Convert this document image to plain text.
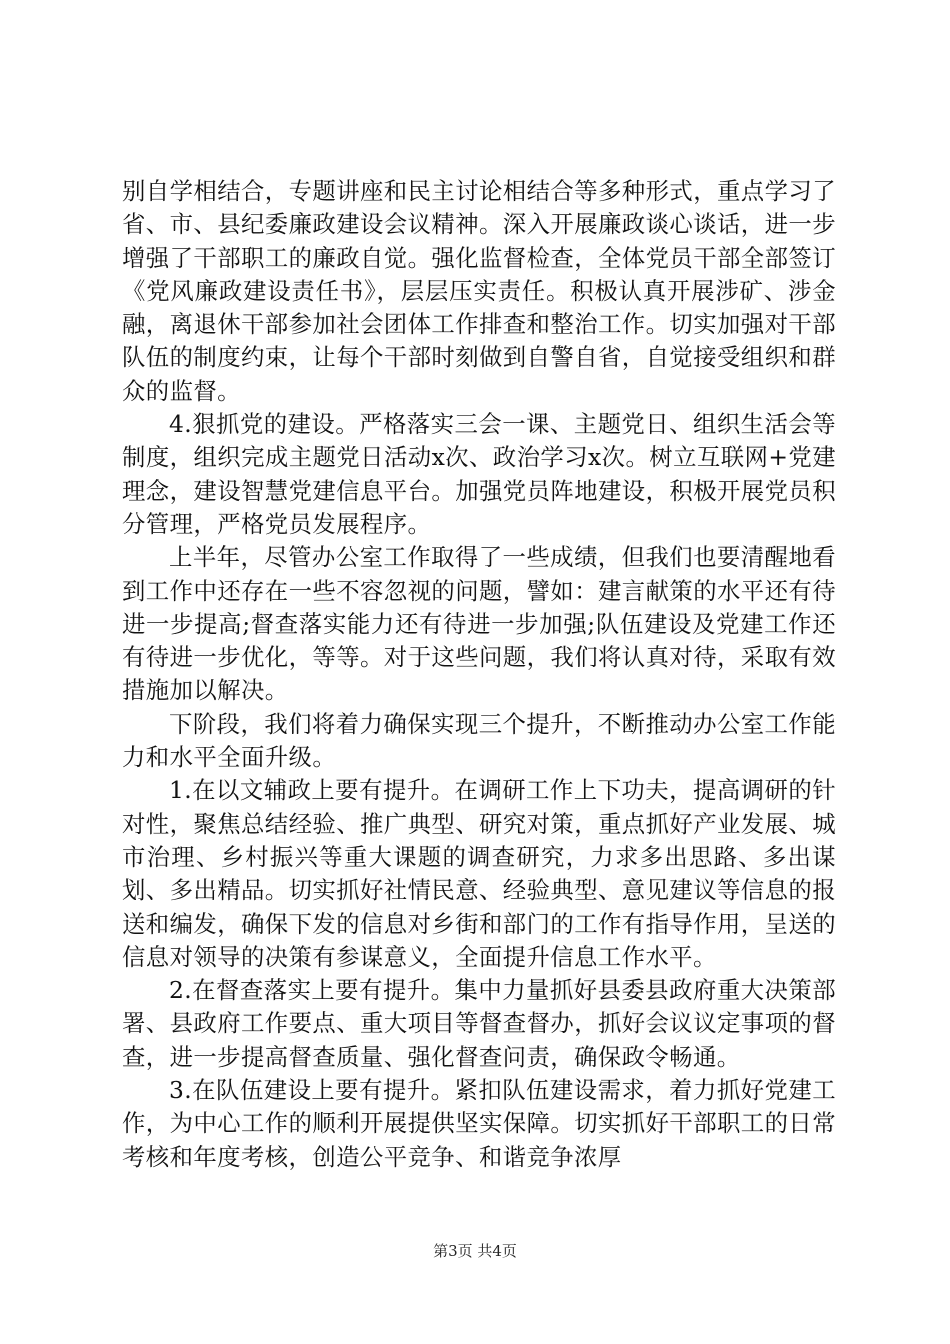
别自学相结合，专题讲座和民主讨论相结合等多种形式，重点学习了省、市、县纪委廉政建设会议精神。深入开展廉政谈心谈话，进一步增强了干部职工的廉政自觉。强化监督检查，全体党员干部全部签订《党风廉政建设责任书》，层层压实责任。积极认真开展涉矿、涉金融，离退休干部参加社会团体工作排查和整治工作。切实加强对干部队伍的制度约束，让每个干部时刻做到自警自省，自觉接受组织和群众的监督。

4.狠抓党的建设。严格落实三会一课、主题党日、组织生活会等制度，组织完成主题党日活动x次、政治学习x次。树立互联网+党建理念，建设智慧党建信息平台。加强党员阵地建设，积极开展党员积分管理，严格党员发展程序。

上半年，尽管办公室工作取得了一些成绩，但我们也要清醒地看到工作中还存在一些不容忽视的问题，譬如：建言献策的水平还有待进一步提高;督查落实能力还有待进一步加强;队伍建设及党建工作还有待进一步优化，等等。对于这些问题，我们将认真对待，采取有效措施加以解决。

下阶段，我们将着力确保实现三个提升，不断推动办公室工作能力和水平全面升级。

1.在以文辅政上要有提升。在调研工作上下功夫，提高调研的针对性，聚焦总结经验、推广典型、研究对策，重点抓好产业发展、城市治理、乡村振兴等重大课题的调查研究，力求多出思路、多出谋划、多出精品。切实抓好社情民意、经验典型、意见建议等信息的报送和编发，确保下发的信息对乡街和部门的工作有指导作用，呈送的信息对领导的决策有参谋意义，全面提升信息工作水平。

2.在督查落实上要有提升。集中力量抓好县委县政府重大决策部署、县政府工作要点、重大项目等督查督办，抓好会议议定事项的督查，进一步提高督查质量、强化督查问责，确保政令畅通。

3.在队伍建设上要有提升。紧扣队伍建设需求，着力抓好党建工作，为中心工作的顺利开展提供坚实保障。切实抓好干部职工的日常考核和年度考核，创造公平竞争、和谐竞争浓厚

第3页 共4页
